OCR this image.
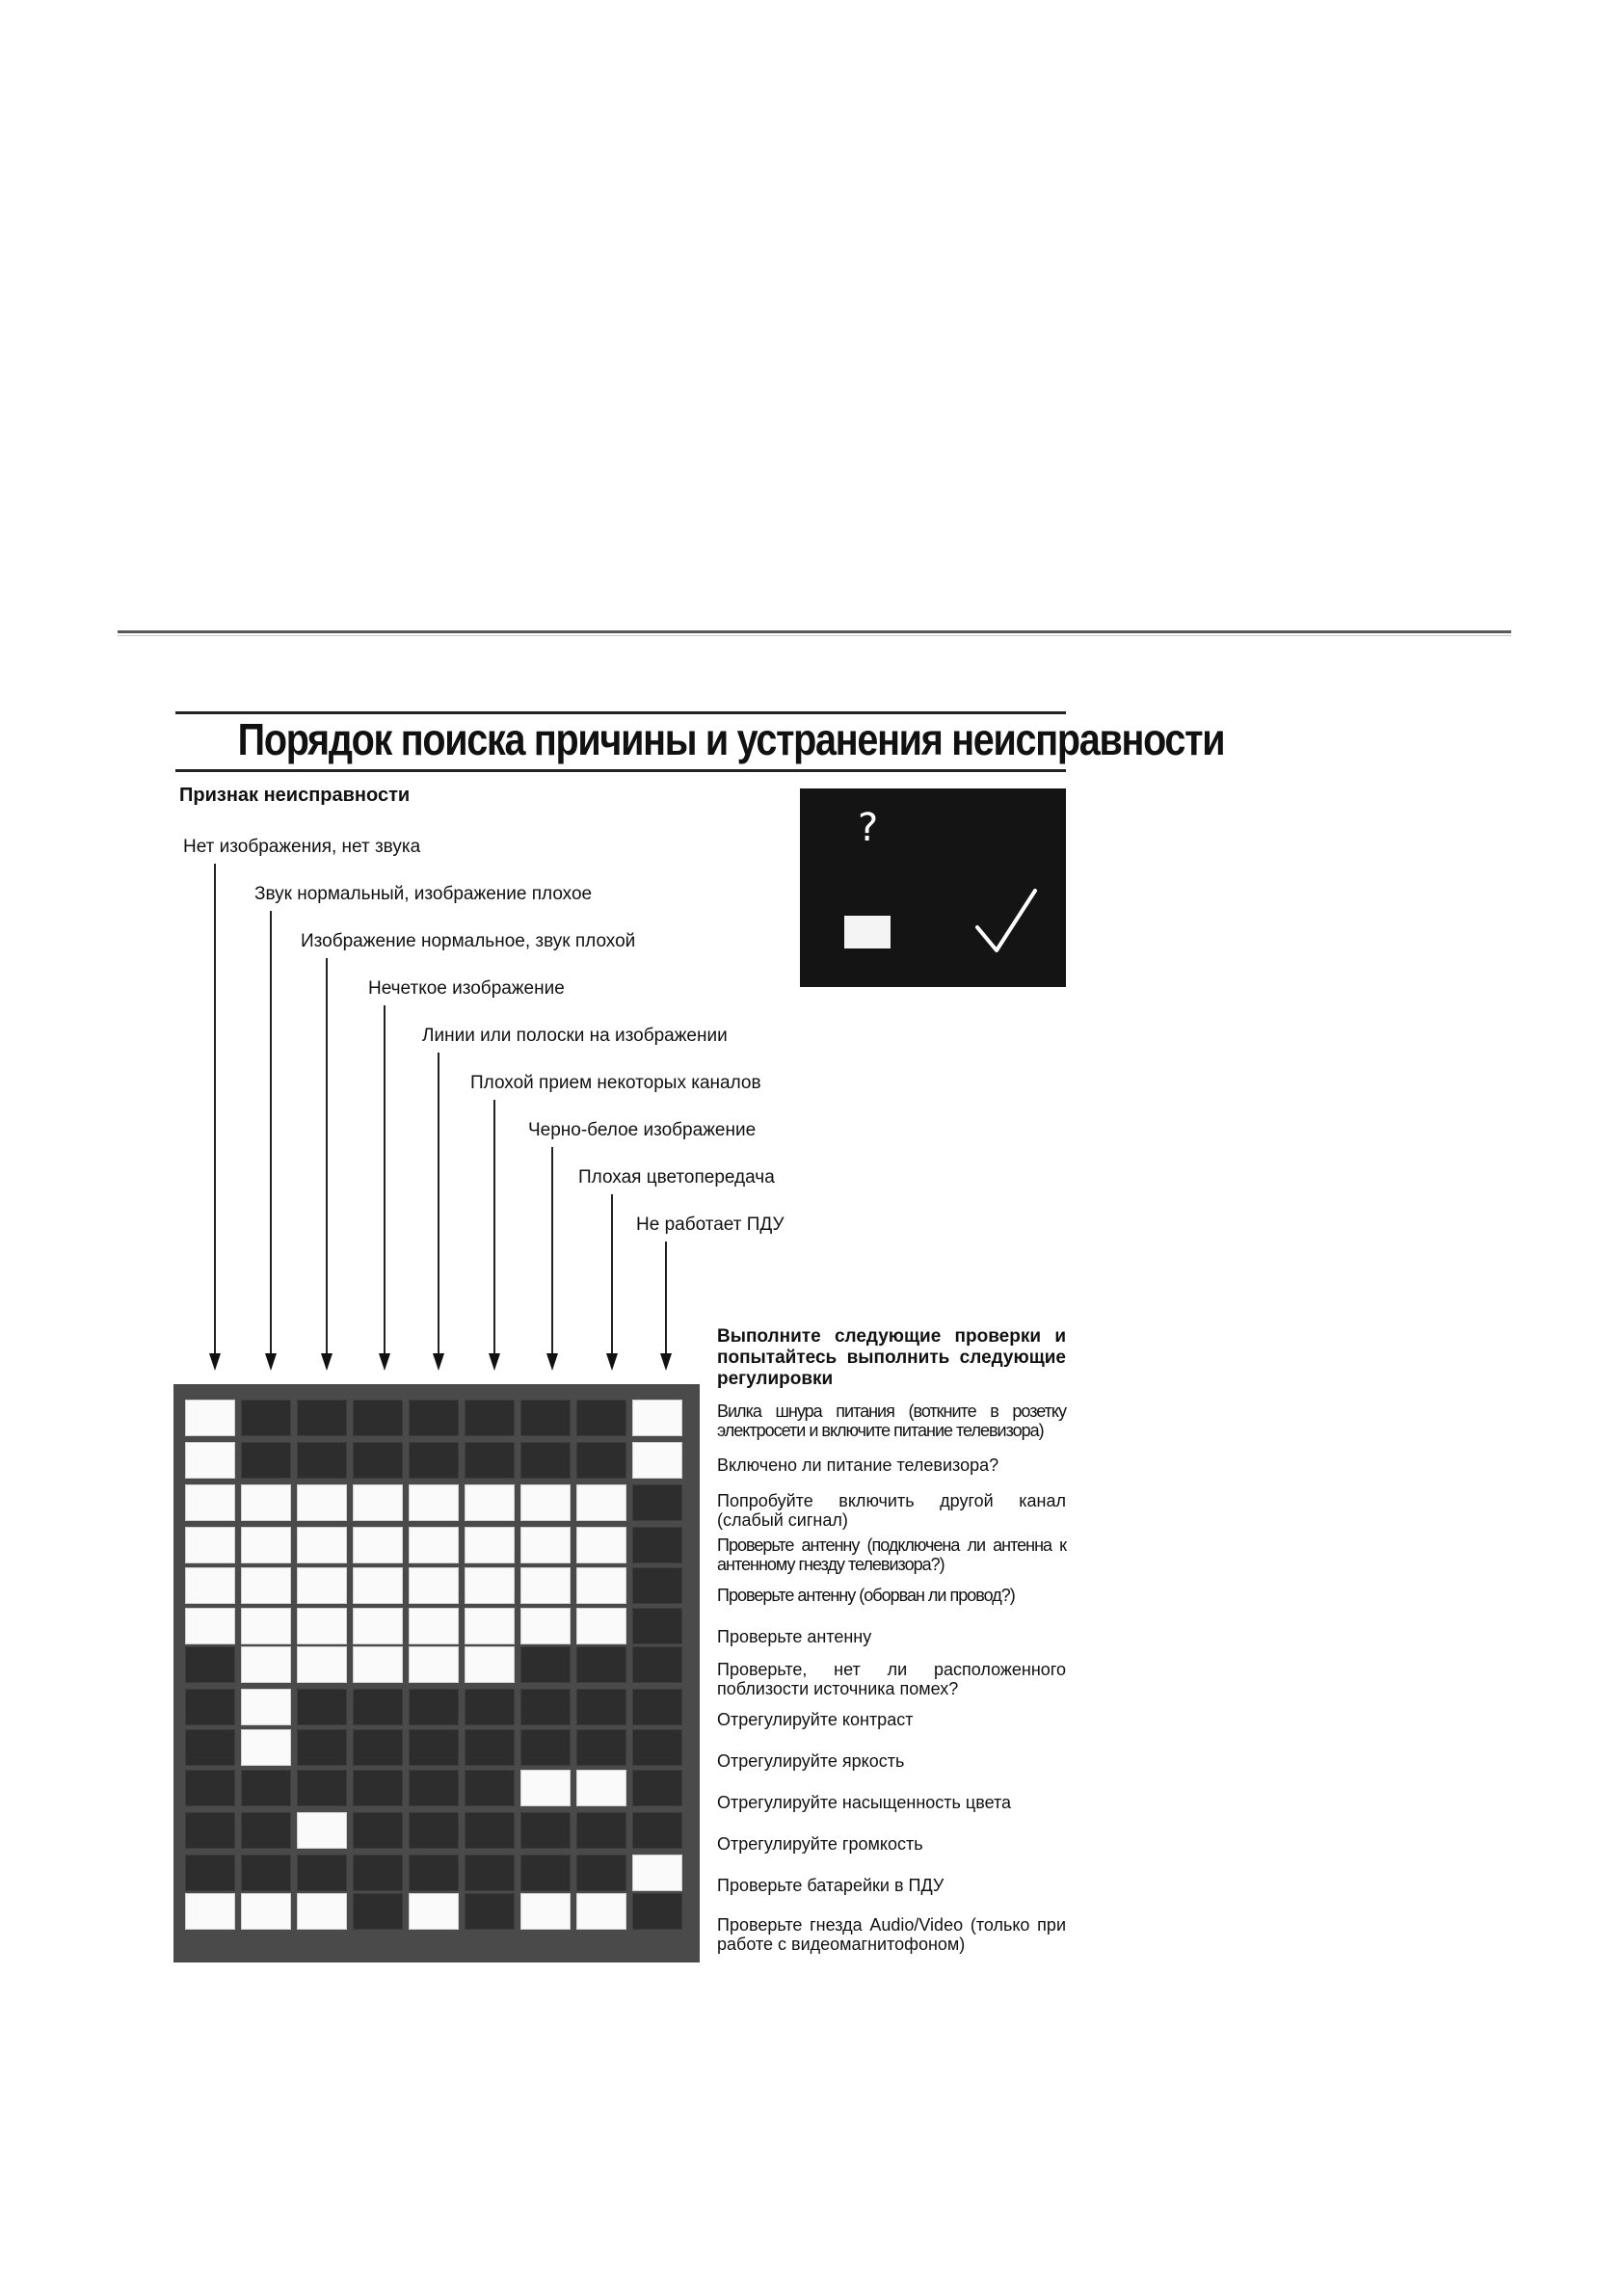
Порядок поиска причины и устранения неисправности
Признак неисправности
?
Нет изображения, нет звука
Звук нормальный, изображение плохое
Изображение нормальное, звук плохой
Нечеткое изображение
Линии или полоски на изображении
Плохой прием некоторых каналов
Черно-белое изображение
Плохая цветопередача
Не работает ПДУ
Выполните следующие проверки и попытайтесь выполнить следующие регулировки
Вилка шнура питания (воткните в розетку электросети и включите питание телевизора)
Включено ли питание телевизора?
Попробуйте включить другой канал (слабый сигнал)
Проверьте антенну (подключена ли антенна к антенному гнезду телевизора?)
Проверьте антенну (оборван ли провод?)
Проверьте антенну
Проверьте, нет ли расположенного поблизости источника помех?
Отрегулируйте контраст
Отрегулируйте яркость
Отрегулируйте насыщенность цвета
Отрегулируйте громкость
Проверьте батарейки в ПДУ
Проверьте гнезда Audio/Video (только при работе с видеомагнитофоном)
